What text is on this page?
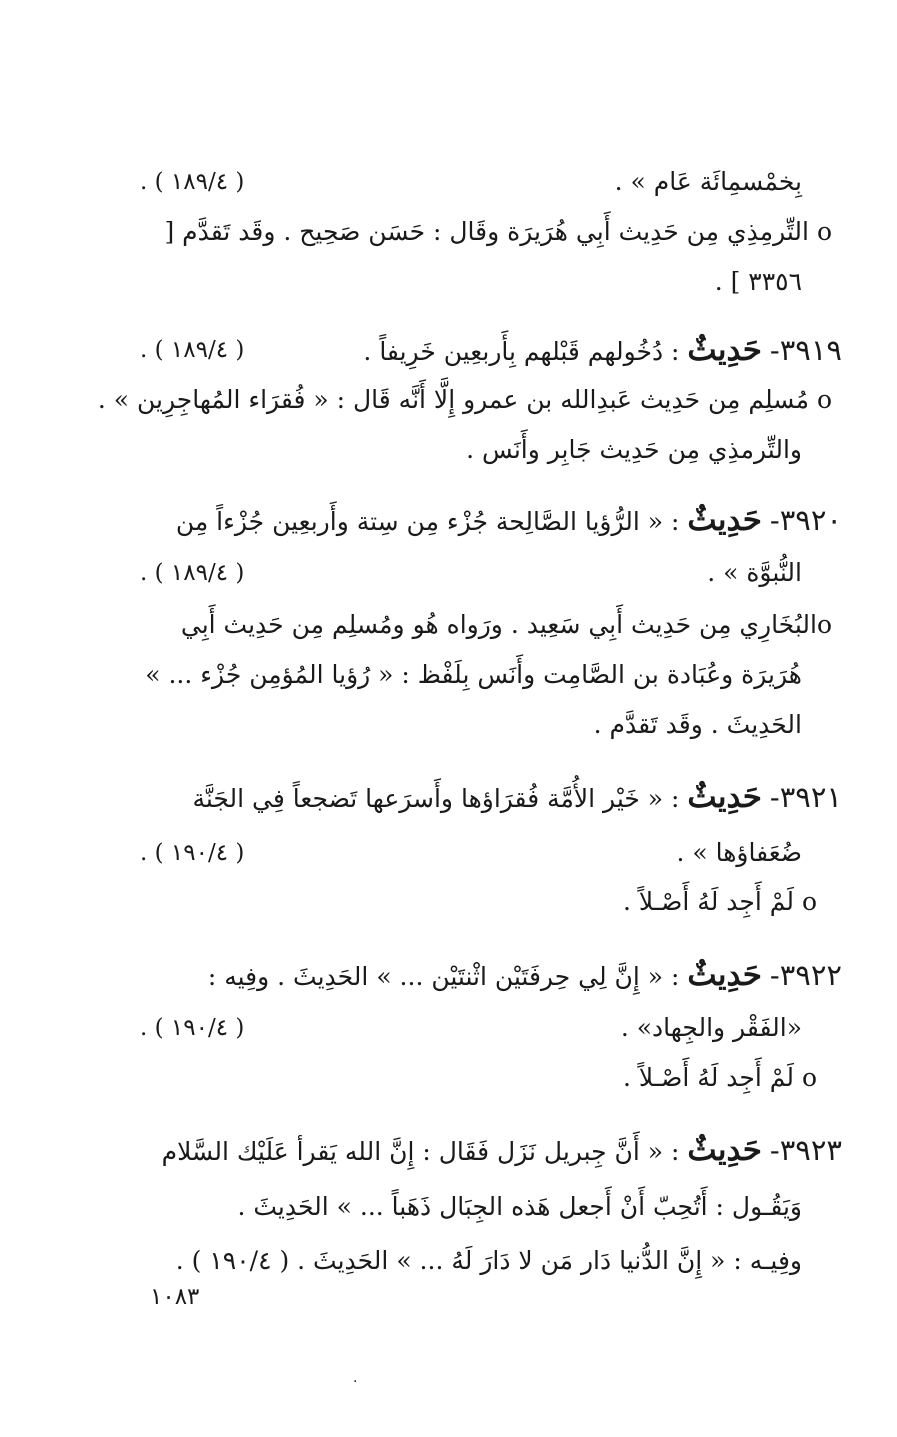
بِخمْسمِائَة عَام » .
( ١٨٩/٤ ) .
o التِّرمِذِي مِن حَدِيث أَبِي هُرَيرَة وقَال : حَسَن صَحِيح . وقَد تَقدَّم [
٣٣٥٦ ] .
٣٩١٩- حَدِيثٌ : دُخُولهم قَبْلهم بِأَربعِين خَرِيفاً .
( ١٨٩/٤ ) .
o مُسلِم مِن حَدِيث عَبدِالله بن عمرو إِلَّا أَنَّه قَال : « فُقرَاء المُهاجِرِين » .
والتِّرمذِي مِن حَدِيث جَابِر وأَنَس .
٣٩٢٠- حَدِيثٌ : « الرُّؤيا الصَّالِحة جُزْء مِن سِتة وأَربعِين جُزْءاً مِن
النُّبوَّة » .
( ١٨٩/٤ ) .
oالبُخَارِي مِن حَدِيث أَبِي سَعِيد . ورَواه هُو ومُسلِم مِن حَدِيث أَبِي
هُرَيرَة وعُبَادة بن الصَّامِت وأَنَس بِلَفْظ : « رُؤيا المُؤمِن جُزْء ... »
الحَدِيثَ . وقَد تَقدَّم .
٣٩٢١- حَدِيثٌ : « خَيْر الأُمَّة فُقرَاؤها وأَسرَعها تَضجعاً فِي الجَنَّة
ضُعَفاؤها » .
( ١٩٠/٤ ) .
o لَمْ أَجِد لَهُ أَصْـلاً .
٣٩٢٢- حَدِيثٌ : « إِنَّ لِي حِرفَتَيْن اثْنتَيْن ... » الحَدِيثَ . وفِيه :
«الفَقْر والجِهاد» .
( ١٩٠/٤ ) .
o لَمْ أَجِد لَهُ أَصْـلاً .
٣٩٢٣- حَدِيثٌ : « أَنَّ جِبريل نَزَل فَقَال : إِنَّ الله يَقرأ عَلَيْك السَّلام
وَيَقُـول : أَتُحِبّ أَنْ أَجعل هَذه الجِبَال ذَهَباً ... » الحَدِيثَ .
وفِيـه : « إِنَّ الدُّنيا دَار مَن لا دَارَ لَهُ ... » الحَدِيثَ . ( ١٩٠/٤ ) .
١٠٨٣
.
